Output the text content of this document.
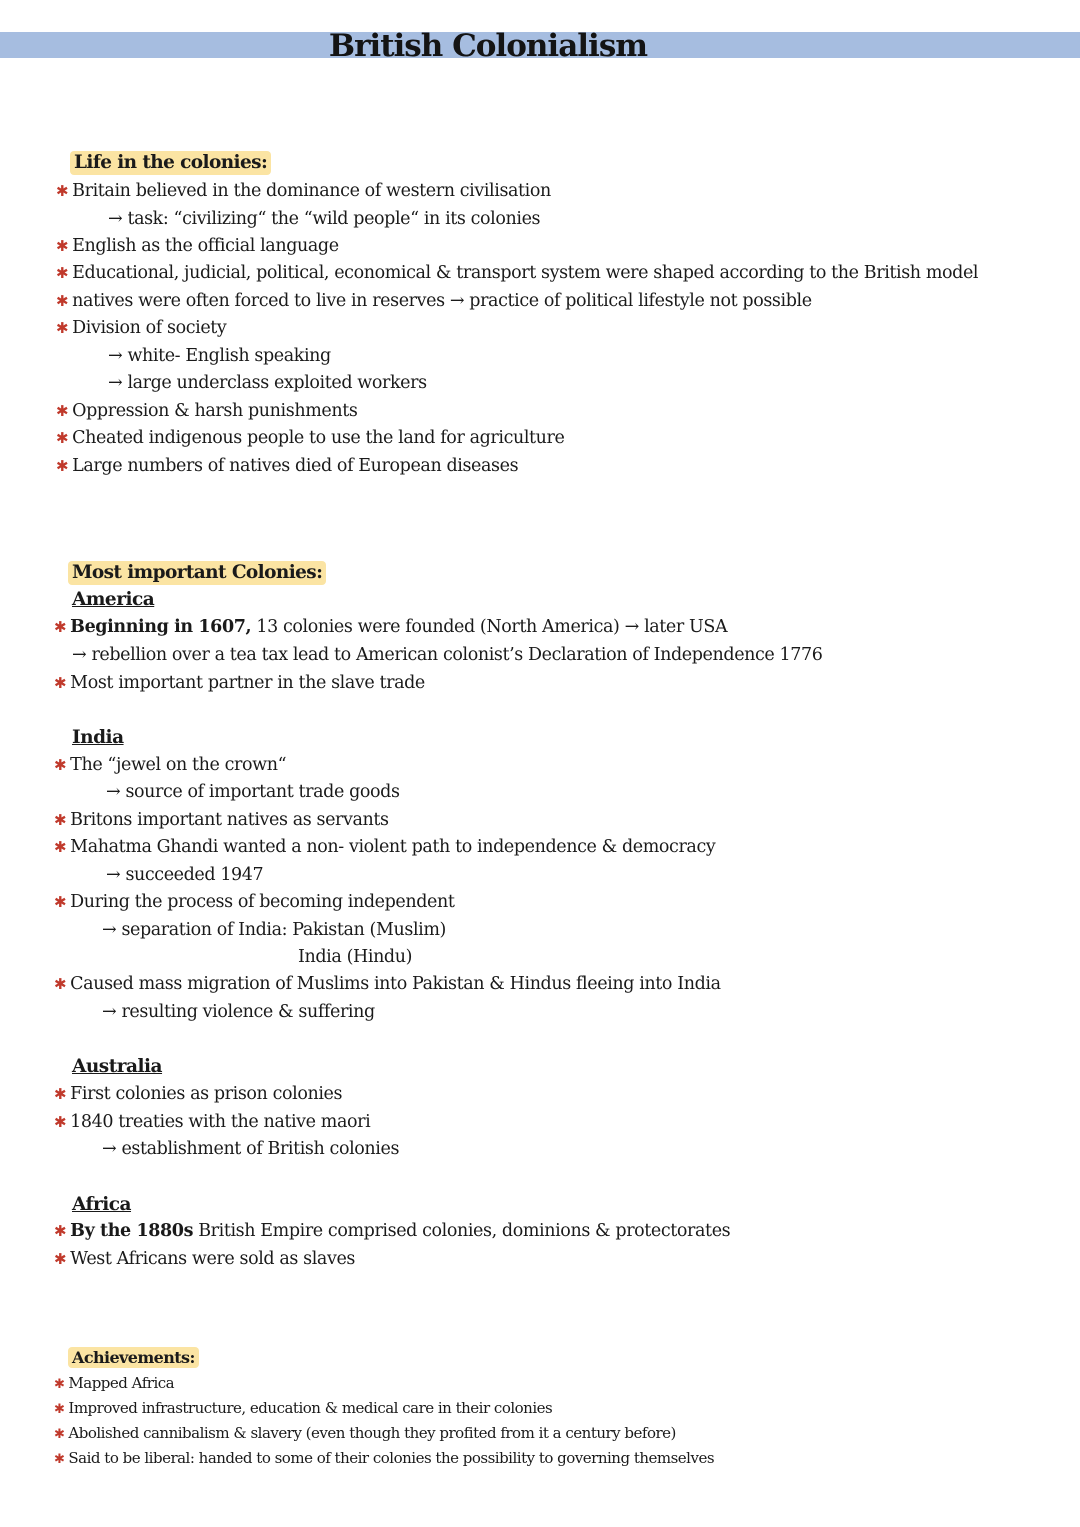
British Colonialism
Life in the colonies:
✱ Britain believed in the dominance of western civilisation
→ task: “civilizing“ the “wild people“ in its colonies
✱ English as the official language
✱ Educational, judicial, political, economical & transport system were shaped according to the British model
✱ natives were often forced to live in reserves → practice of political lifestyle not possible
✱ Division of society
→ white- English speaking
→ large underclass exploited workers
✱ Oppression & harsh punishments
✱ Cheated indigenous people to use the land for agriculture
✱ Large numbers of natives died of European diseases
Most important Colonies:
America
✱ Beginning in 1607, 13 colonies were founded (North America) → later USA
→ rebellion over a tea tax lead to American colonist’s Declaration of Independence 1776
✱ Most important partner in the slave trade
India
✱ The “jewel on the crown“
→ source of important trade goods
✱ Britons important natives as servants
✱ Mahatma Ghandi wanted a non- violent path to independence & democracy
→ succeeded 1947
✱ During the process of becoming independent
→ separation of India: Pakistan (Muslim)
India (Hindu)
✱ Caused mass migration of Muslims into Pakistan & Hindus fleeing into India
→ resulting violence & suffering
Australia
✱ First colonies as prison colonies
✱ 1840 treaties with the native maori
→ establishment of British colonies
Africa
✱ By the 1880s British Empire comprised colonies, dominions & protectorates
✱ West Africans were sold as slaves
Achievements:
✱ Mapped Africa
✱ Improved infrastructure, education & medical care in their colonies
✱ Abolished cannibalism & slavery (even though they profited from it a century before)
✱ Said to be liberal: handed to some of their colonies the possibility to governing themselves
